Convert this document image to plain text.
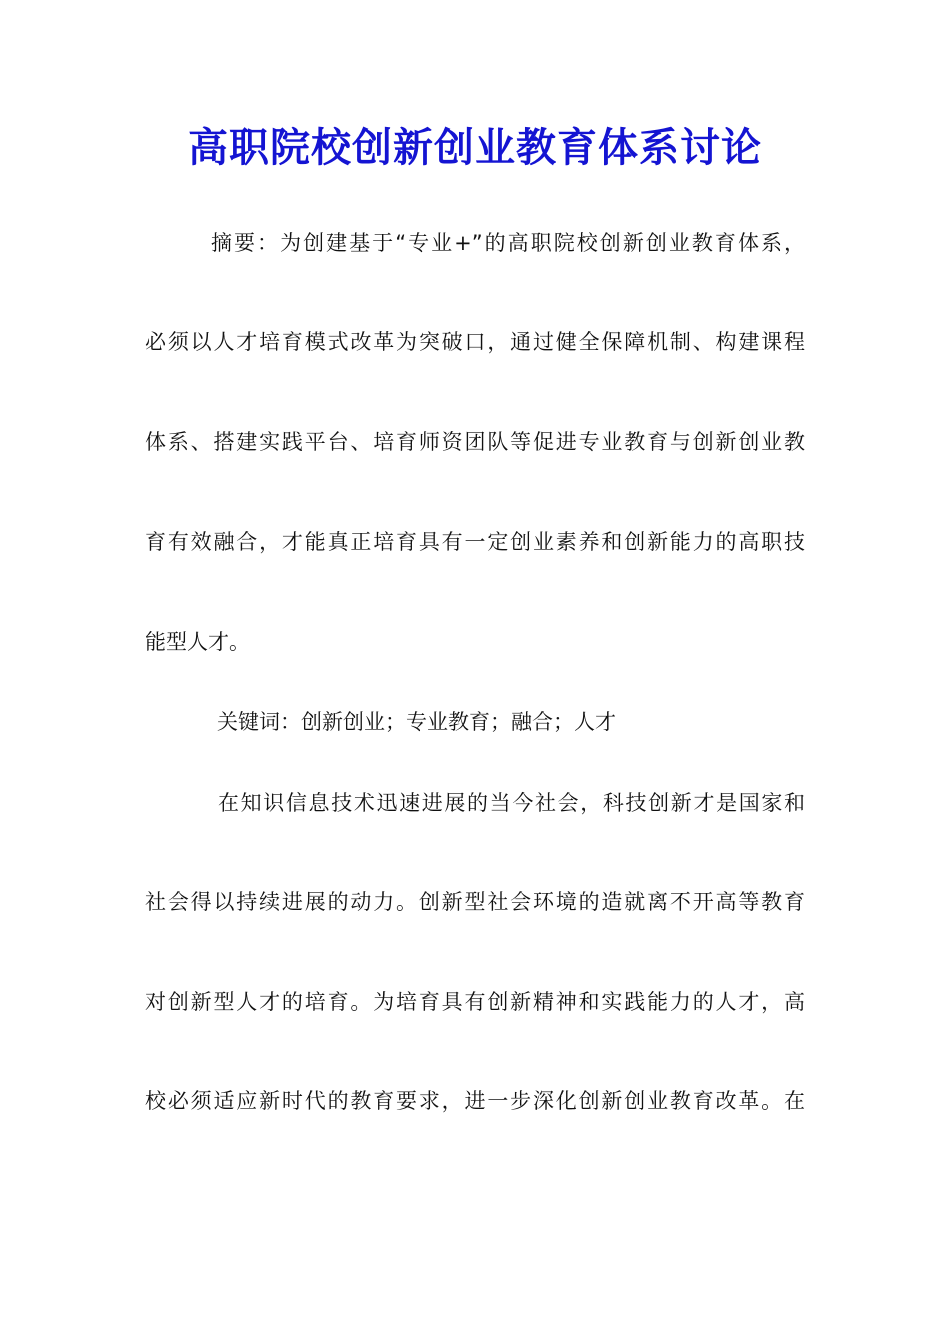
高职院校创新创业教育体系讨论
摘要：为创建基于“专业+”的高职院校创新创业教育体系，
必须以人才培育模式改革为突破口，通过健全保障机制、构建课程
体系、搭建实践平台、培育师资团队等促进专业教育与创新创业教
育有效融合，才能真正培育具有一定创业素养和创新能力的高职技
能型人才。
关键词：创新创业；专业教育；融合；人才
在知识信息技术迅速进展的当今社会，科技创新才是国家和
社会得以持续进展的动力。创新型社会环境的造就离不开高等教育
对创新型人才的培育。为培育具有创新精神和实践能力的人才，高
校必须适应新时代的教育要求，进一步深化创新创业教育改革。在
